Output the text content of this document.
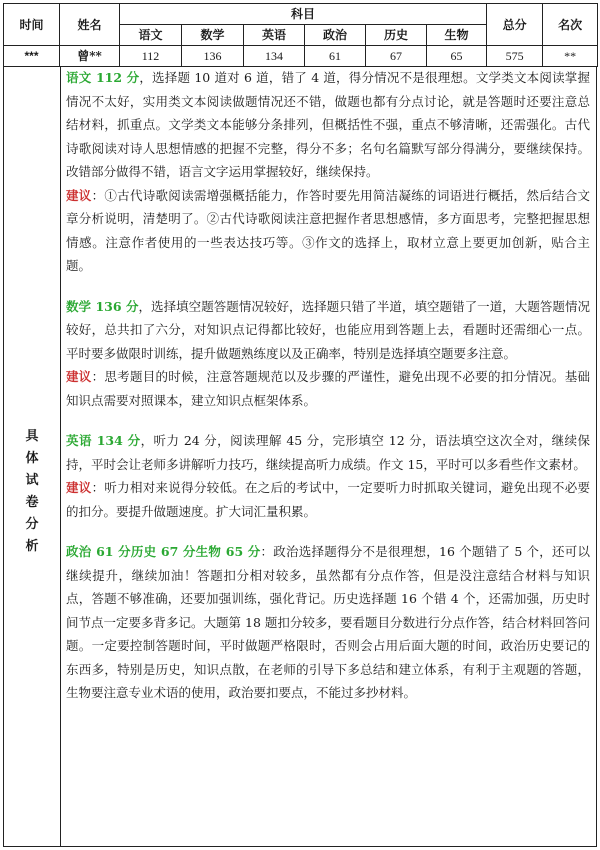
时间	姓名	科目						总分	名次
		语文	数学	英语	政治	历史	生物		
***	曾**	112	136	134	61	67	65	575	**
具
体
试
卷
分
析

语文 112 分，选择题 10 道对 6 道，错了 4 道，得分情况不是很理想。文学类文本阅读掌握情况不太好，实用类文本阅读做题情况还不错，做题也都有分点讨论，就是答题时还要注意总结材料，抓重点。文学类文本能够分条排列，但概括性不强，重点不够清晰，还需强化。古代诗歌阅读对诗人思想情感的把握不完整，得分不多；名句名篇默写部分得满分，要继续保持。改错部分做得不错，语言文字运用掌握较好，继续保持。

建议：①古代诗歌阅读需增强概括能力，作答时要先用简洁凝练的词语进行概括，然后结合文章分析说明，清楚明了。②古代诗歌阅读注意把握作者思想感情，多方面思考，完整把握思想情感。注意作者使用的一些表达技巧等。③作文的选择上，取材立意上要更加创新，贴合主题。

数学 136 分，选择填空题答题情况较好，选择题只错了半道，填空题错了一道，大题答题情况较好，总共扣了六分，对知识点记得都比较好，也能应用到答题上去，看题时还需细心一点。平时要多做限时训练，提升做题熟练度以及正确率，特别是选择填空题要多注意。

建议：思考题目的时候，注意答题规范以及步骤的严谨性，避免出现不必要的扣分情况。基础知识点需要对照课本，建立知识点框架体系。

英语 134 分，听力 24 分，阅读理解 45 分，完形填空 12 分，语法填空这次全对，继续保持，平时会让老师多讲解听力技巧，继续提高听力成绩。作文 15，平时可以多看些作文素材。

建议：听力相对来说得分较低。在之后的考试中，一定要听力时抓取关键词，避免出现不必要的扣分。要提升做题速度。扩大词汇量积累。

政治 61 分历史 67 分生物 65 分：政治选择题得分不是很理想，16 个题错了 5 个，还可以继续提升，继续加油！答题扣分相对较多，虽然都有分点作答，但是没注意结合材料与知识点，答题不够准确，还要加强训练，强化背记。历史选择题 16 个错 4 个，还需加强，历史时间节点一定要多背多记。大题第 18 题扣分较多，要看题目分数进行分点作答，结合材料回答问题。一定要控制答题时间，平时做题严格限时，否则会占用后面大题的时间，政治历史要记的东西多，特别是历史，知识点散，在老师的引导下多总结和建立体系，有利于主观题的答题，生物要注意专业术语的使用，政治要扣要点，不能过多抄材料。
